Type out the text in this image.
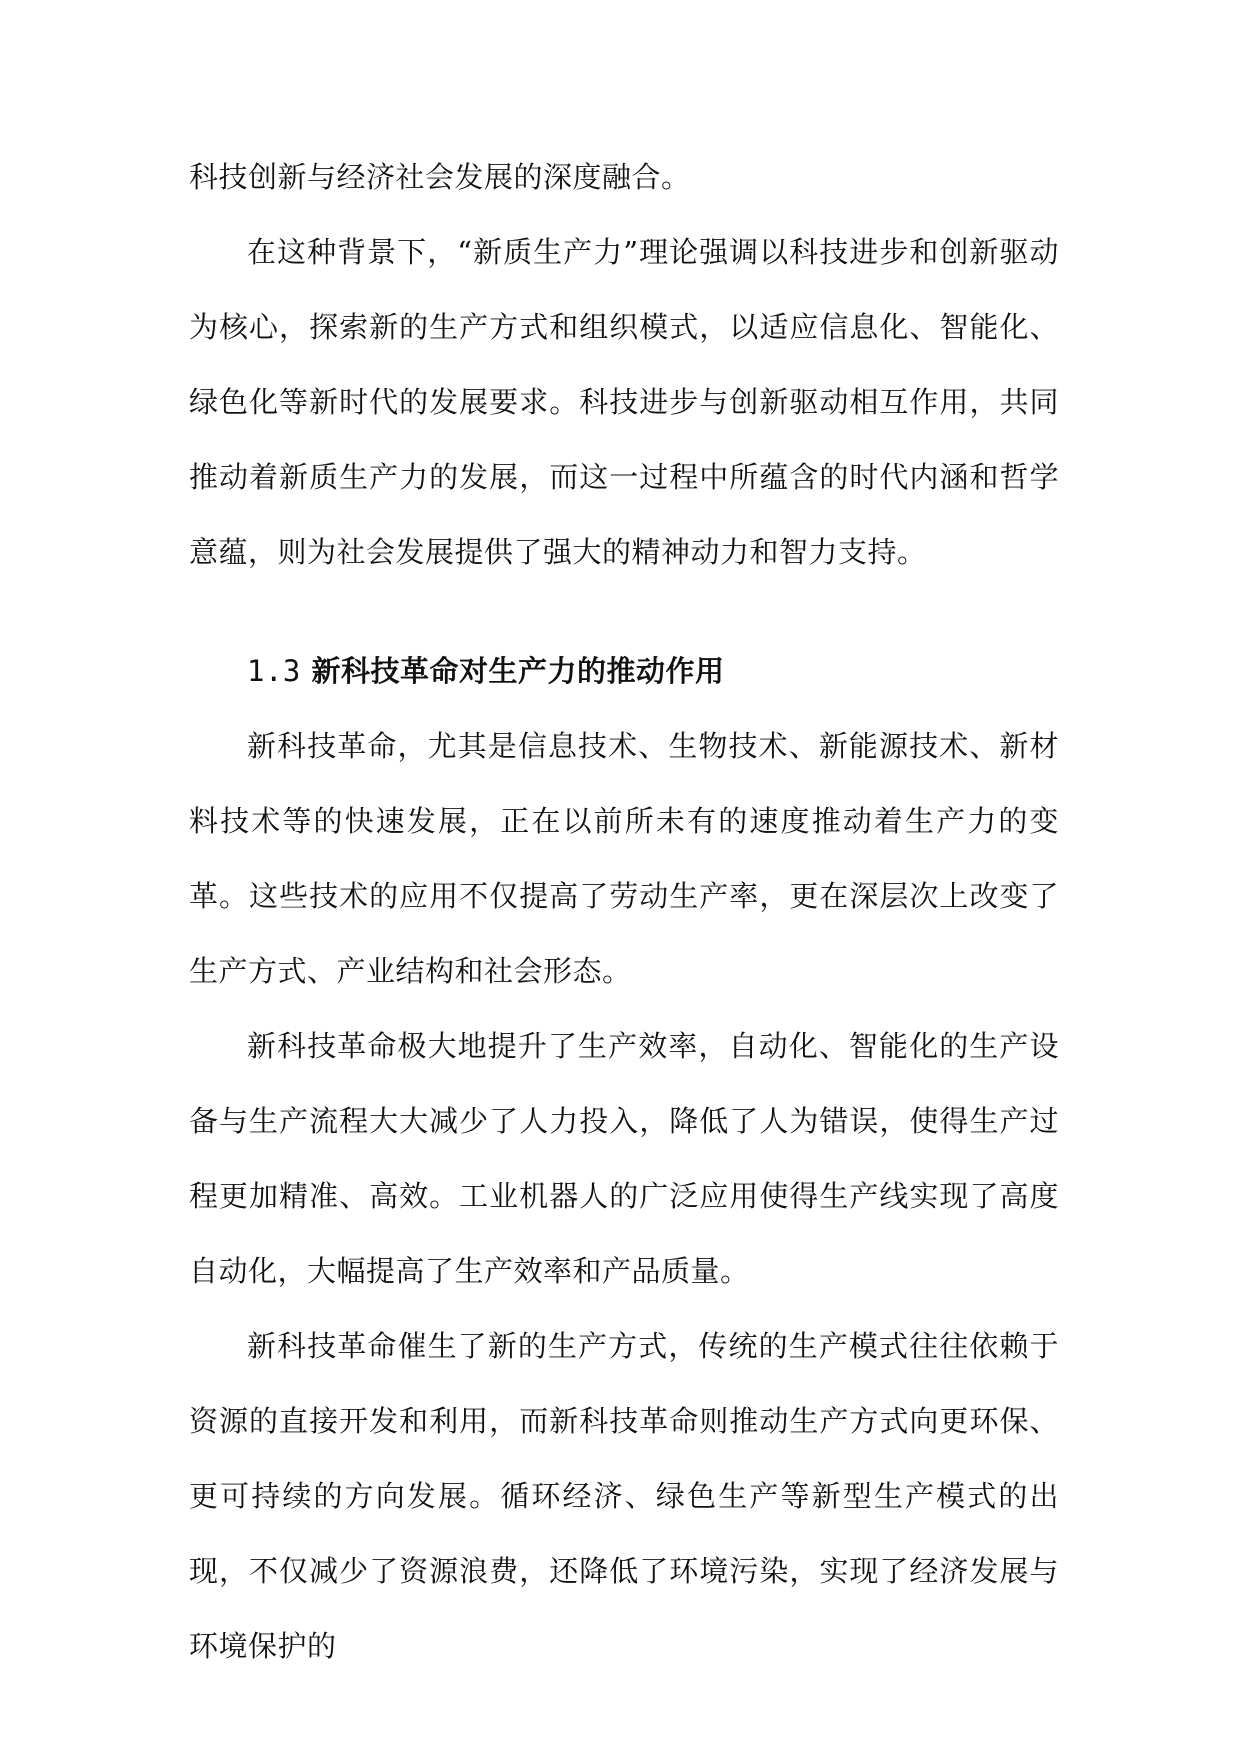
科技创新与经济社会发展的深度融合。

在这种背景下，“新质生产力”理论强调以科技进步和创新驱动为核心，探索新的生产方式和组织模式，以适应信息化、智能化、绿色化等新时代的发展要求。科技进步与创新驱动相互作用，共同推动着新质生产力的发展，而这一过程中所蕴含的时代内涵和哲学意蕴，则为社会发展提供了强大的精神动力和智力支持。

1.3 新科技革命对生产力的推动作用

新科技革命，尤其是信息技术、生物技术、新能源技术、新材料技术等的快速发展，正在以前所未有的速度推动着生产力的变革。这些技术的应用不仅提高了劳动生产率，更在深层次上改变了生产方式、产业结构和社会形态。

新科技革命极大地提升了生产效率，自动化、智能化的生产设备与生产流程大大减少了人力投入，降低了人为错误，使得生产过程更加精准、高效。工业机器人的广泛应用使得生产线实现了高度自动化，大幅提高了生产效率和产品质量。

新科技革命催生了新的生产方式，传统的生产模式往往依赖于资源的直接开发和利用，而新科技革命则推动生产方式向更环保、更可持续的方向发展。循环经济、绿色生产等新型生产模式的出现，不仅减少了资源浪费，还降低了环境污染，实现了经济发展与环境保护的
